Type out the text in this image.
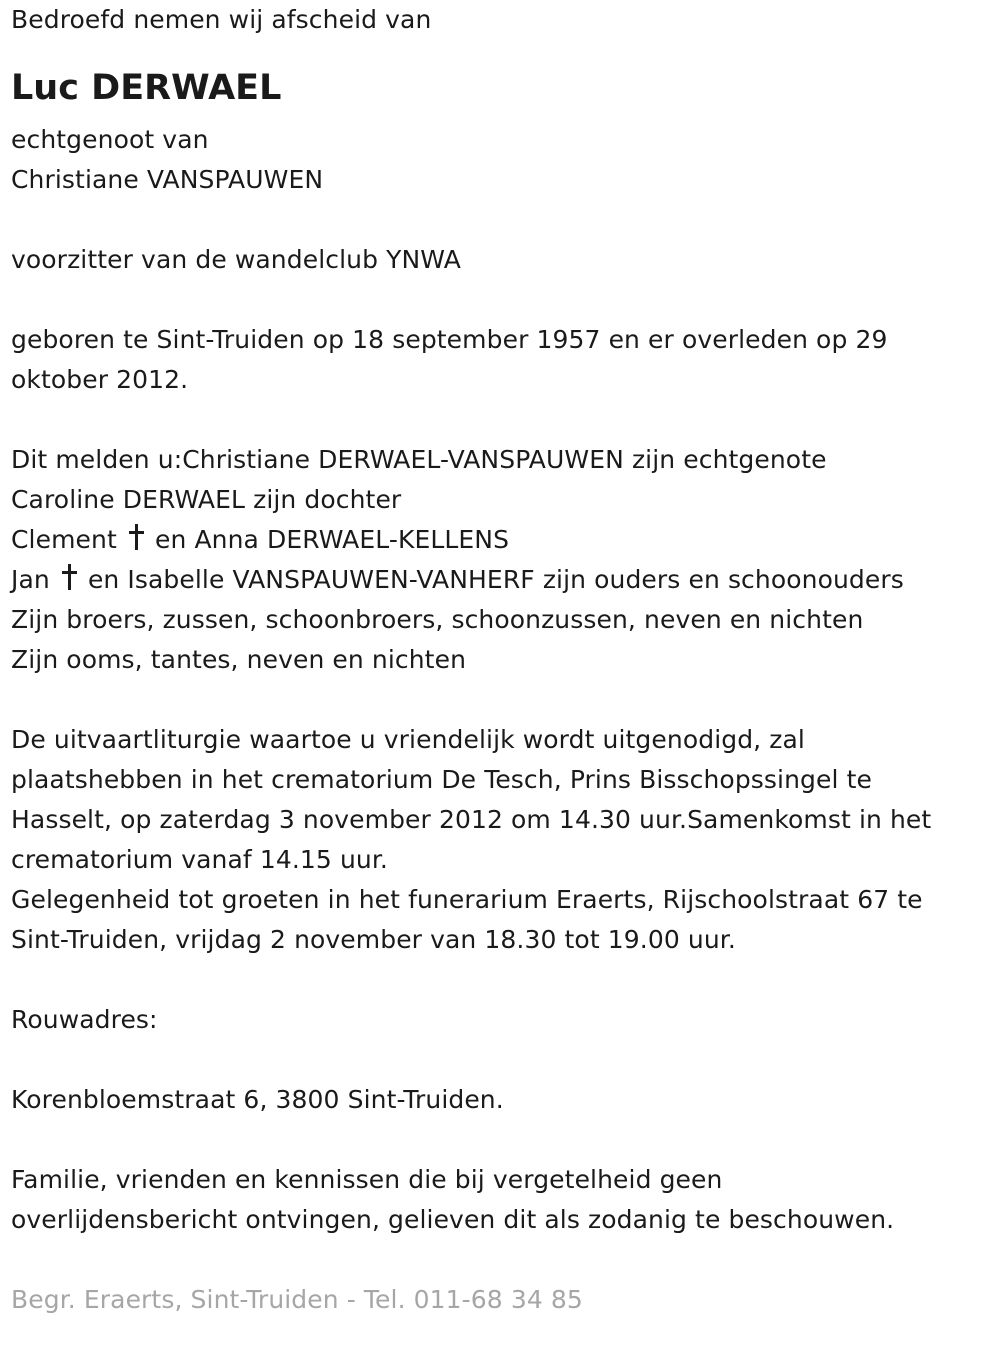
Bedroefd nemen wij afscheid van
Luc DERWAEL
echtgenoot van
Christiane VANSPAUWEN
voorzitter van de wandelclub YNWA
geboren te Sint-Truiden op 18 september 1957 en er overleden op 29
oktober 2012.
Dit melden u:Christiane DERWAEL-VANSPAUWEN zijn echtgenote
Caroline DERWAEL zijn dochter
Clement en Anna DERWAEL-KELLENS
Jan en Isabelle VANSPAUWEN-VANHERF zijn ouders en schoonouders
Zijn broers, zussen, schoonbroers, schoonzussen, neven en nichten
Zijn ooms, tantes, neven en nichten
De uitvaartliturgie waartoe u vriendelijk wordt uitgenodigd, zal
plaatshebben in het crematorium De Tesch, Prins Bisschopssingel te
Hasselt, op zaterdag 3 november 2012 om 14.30 uur.Samenkomst in het
crematorium vanaf 14.15 uur.
Gelegenheid tot groeten in het funerarium Eraerts, Rijschoolstraat 67 te
Sint-Truiden, vrijdag 2 november van 18.30 tot 19.00 uur.
Rouwadres:
Korenbloemstraat 6, 3800 Sint-Truiden.
Familie, vrienden en kennissen die bij vergetelheid geen
overlijdensbericht ontvingen, gelieven dit als zodanig te beschouwen.
Begr. Eraerts, Sint-Truiden - Tel. 011-68 34 85
